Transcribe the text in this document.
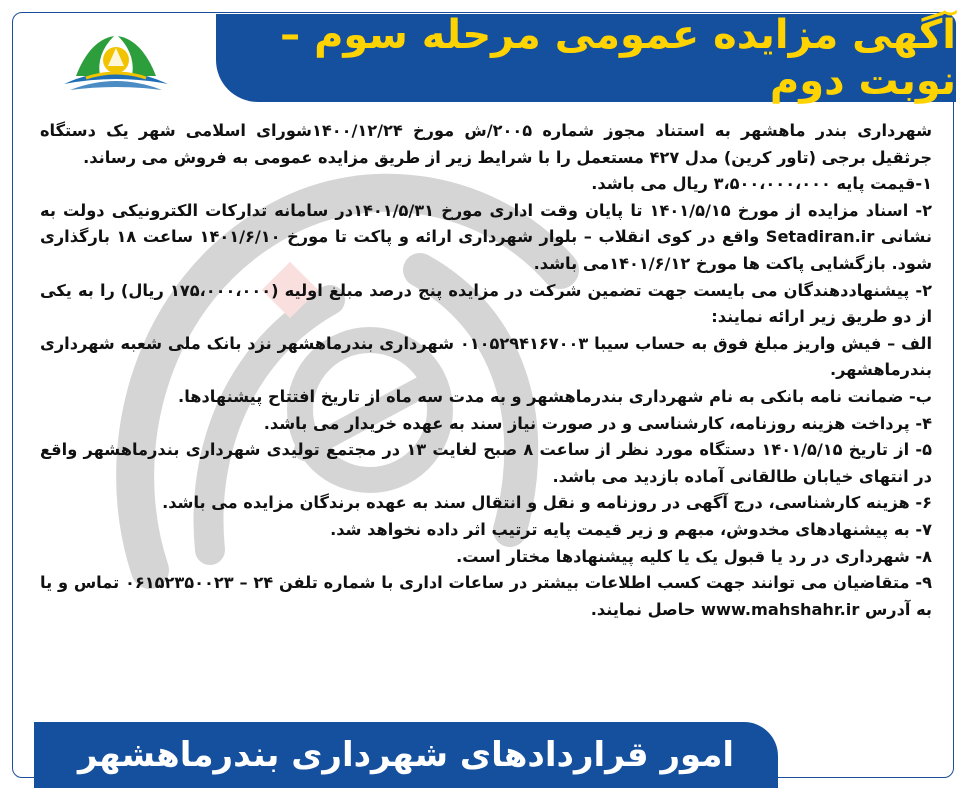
آگهی مزایده عمومی مرحله سوم – نوبت دوم

شهرداری بندر ماهشهر به استناد مجوز شماره ۲۰۰۵/ش مورخ ۱۴۰۰/۱۲/۲۴شورای اسلامی شهر یک دستگاه جرثقیل برجی (تاور کرین) مدل ۴۲۷ مستعمل را با شرایط زیر از طریق مزایده عمومی به فروش می رساند.

۱-قیمت پایه ۳،۵۰۰،۰۰۰،۰۰۰ ریال می باشد.

۲- اسناد مزایده از مورخ ۱۴۰۱/۵/۱۵ تا پایان وقت اداری مورخ ۱۴۰۱/۵/۳۱در سامانه تدارکات الکترونیکی دولت به نشانی Setadiran.ir واقع در کوی انقلاب – بلوار شهرداری ارائه و پاکت تا مورخ ۱۴۰۱/۶/۱۰ ساعت ۱۸ بارگذاری شود. بازگشایی پاکت ها مورخ ۱۴۰۱/۶/۱۲می باشد.

۲- پیشنهاددهندگان می بایست جهت تضمین شرکت در مزایده پنج درصد مبلغ اولیه (۱۷۵،۰۰۰،۰۰۰ ریال) را به یکی از دو طریق زیر ارائه نمایند:

الف – فیش واریز مبلغ فوق به حساب سیبا ۰۱۰۵۲۹۴۱۶۷۰۰۳ شهرداری بندرماهشهر نزد بانک ملی شعبه شهرداری بندرماهشهر.

ب- ضمانت نامه بانکی به نام شهرداری بندرماهشهر و به مدت سه ماه از تاریخ افتتاح پیشنهادها.

۴- پرداخت هزینه روزنامه، کارشناسی و در صورت نیاز سند به عهده خریدار می باشد.

۵- از تاریخ ۱۴۰۱/۵/۱۵ دستگاه مورد نظر از ساعت ۸ صبح لغایت ۱۳ در مجتمع تولیدی شهرداری بندرماهشهر واقع در انتهای خیابان طالقانی آماده بازدید می باشد.

۶- هزینه کارشناسی، درج آگهی در روزنامه و نقل و انتقال سند به عهده برندگان مزایده می باشد.

۷- به پیشنهادهای مخدوش، مبهم و زیر قیمت پایه ترتیب اثر داده نخواهد شد.

۸- شهرداری در رد یا قبول یک یا کلیه پیشنهادها مختار است.

۹- متقاضیان می توانند جهت کسب اطلاعات بیشتر در ساعات اداری با شماره تلفن ۲۴ – ۰۶۱۵۲۳۵۰۰۲۳ تماس و یا به آدرس www.mahshahr.ir حاصل نمایند.

امور قراردادهای شهرداری بندرماهشهر
